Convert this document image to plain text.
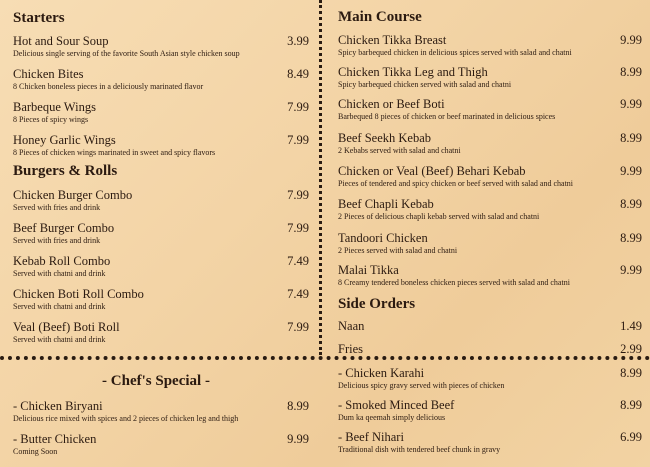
Starters
Hot and Sour Soup	3.99
Delicious single serving of the favorite South Asian style chicken soup
Chicken Bites	8.49
8 Chicken boneless pieces in a deliciously marinated flavor
Barbeque Wings	7.99
8 Pieces of spicy wings
Honey Garlic Wings	7.99
8 Pieces of chicken wings marinated in sweet and spicy flavors
Burgers & Rolls
Chicken Burger Combo	7.99
Served with fries and drink
Beef Burger Combo	7.99
Served with fries and drink
Kebab Roll Combo	7.49
Served with chatni and drink
Chicken Boti Roll Combo	7.49
Served with chatni and drink
Veal (Beef) Boti Roll	7.99
Served with chatni and drink
- Chef's Special -
- Chicken Biryani	8.99
Delicious rice mixed with spices and 2 pieces of chicken leg and thigh
- Butter Chicken	9.99
Coming Soon
Main Course
Chicken Tikka Breast	9.99
Spicy barbequed chicken in delicious spices served with salad and chatni
Chicken Tikka Leg and Thigh	8.99
Spicy barbequed chicken served with salad and chatni
Chicken or Beef Boti	9.99
Barbequed 8 pieces of chicken or beef marinated in delicious spices
Beef Seekh Kebab	8.99
2 Kebabs served with salad and chatni
Chicken or Veal (Beef) Behari Kebab	9.99
Pieces of tendered and spicy chicken or beef served with salad and chatni
Beef Chapli Kebab	8.99
2 Pieces of delicious chapli kebab served with salad and chatni
Tandoori Chicken	8.99
2 Pieces served with salad and chatni
Malai Tikka	9.99
8 Creamy tendered boneless chicken pieces served with salad and chatni
Side Orders
Naan	1.49
Fries	2.99
- Chicken Karahi	8.99
Delicious spicy gravy served with pieces of chicken
- Smoked Minced Beef	8.99
Dum ka qeemah simply delicious
- Beef Nihari	6.99
Traditional dish with tendered beef chunk in gravy
